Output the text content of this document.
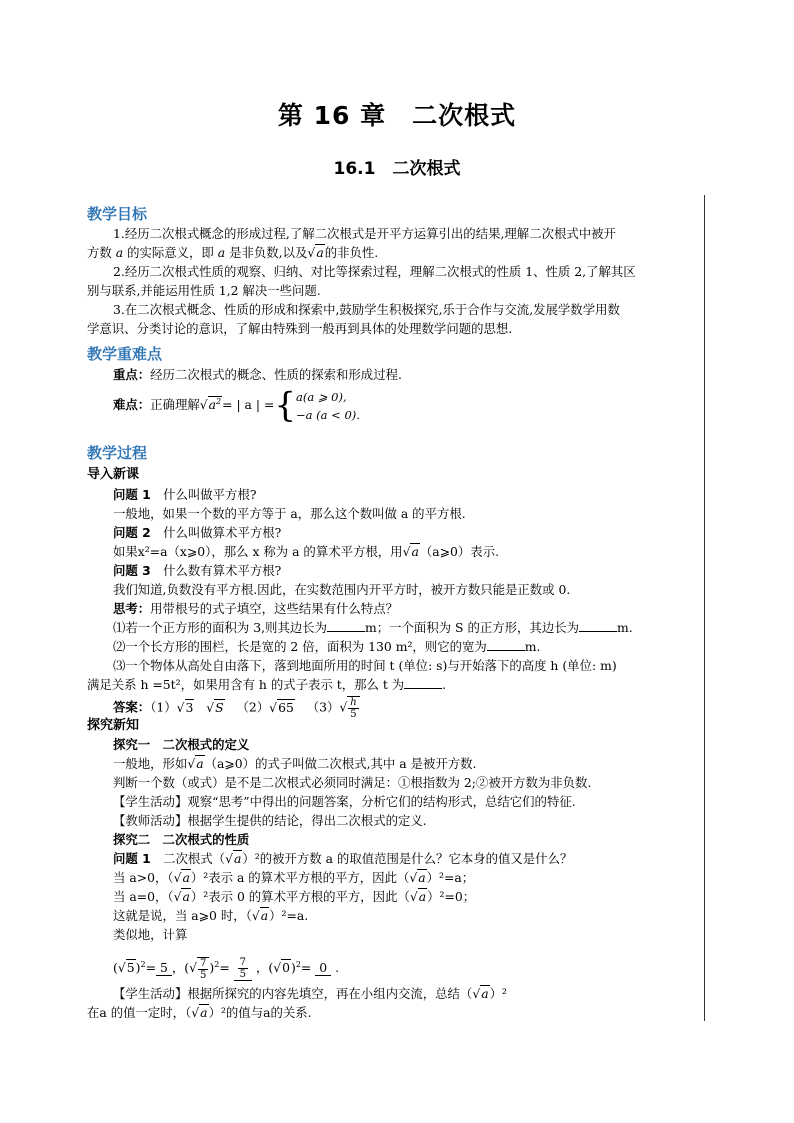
第 16 章　二次根式
16.1　二次根式
教学目标
1.经历二次根式概念的形成过程,了解二次根式是开平方运算引出的结果,理解二次根式中被开
方数 a 的实际意义，即 a 是非负数,以及√a的非负性.
2.经历二次根式性质的观察、归纳、对比等探索过程，理解二次根式的性质 1、性质 2,了解其区
别与联系,并能运用性质 1,2 解决一些问题.
3.在二次根式概念、性质的形成和探索中,鼓励学生积极探究,乐于合作与交流,发展学数学用数
学意识、分类讨论的意识，了解由特殊到一般再到具体的处理数学问题的思想.
教学重难点
重点：经历二次根式的概念、性质的探索和形成过程.
难点：正确理解$√a^2=$ | a | ={ a(a ⩾ 0),
−a (a < 0).
教学过程
导入新课
问题 1　 什么叫做平方根?
一般地，如果一个数的平方等于 a，那么这个数叫做 a 的平方根.
问题 2　 什么叫做算术平方根?
如果x²=a（x⩾0），那么 x 称为 a 的算术平方根，用√a（a⩾0）表示.
问题 3　 什么数有算术平方根?
我们知道,负数没有平方根.因此，在实数范围内开平方时，被开方数只能是正数或 0.
思考：用带根号的式子填空，这些结果有什么特点？
⑴若一个正方形的面积为 3,则其边长为	m；一个面积为 S 的正方形，其边长为	m.
⑵一个长方形的围栏，长是宽的 2 倍，面积为 130 m²，则它的宽为	m.
⑶一个物体从高处自由落下，落到地面所用的时间 t (单位: s)与开始落下的高度 h (单位: m)
满足关系 h =5t²，如果用含有 h 的式子表示 t，那么 t 为	.
答案：（1）√3 √S （2）√65 $(3)√ \frac{h}{5}$
探究新知
探究一　二次根式的定义
一般地，形如√a（a⩾0）的式子叫做二次根式,其中 a 是被开方数.
判断一个数（或式）是不是二次根式必须同时满足：①根指数为 2;②被开方数为非负数.
【学生活动】观察“思考”中得出的问题答案，分析它们的结构形式，总结它们的特征.
【教师活动】根据学生提供的结论，得出二次根式的定义.
探究二　二次根式的性质
问题 1　 二次根式（√a）²的被开方数 a 的取值范围是什么？它本身的值又是什么？
当 a>0，（√a）²表示 a 的算术平方根的平方，因此（√a）²=a；
当 a=0，（√a）²表示 0 的算术平方根的平方，因此（√a）²=0；
这就是说，当 a⩾0 时，（√a）²=a.
类似地，计算
$(√5)^2= 5$ ，(√ $\frac{7}{5} )^2= \frac{7}{5}$ ，$(√0)^2= 0$ .
【学生活动】根据所探究的内容先填空，再在小组内交流，总结（√a）²
在a 的值一定时，（√a）²的值与a的关系.
